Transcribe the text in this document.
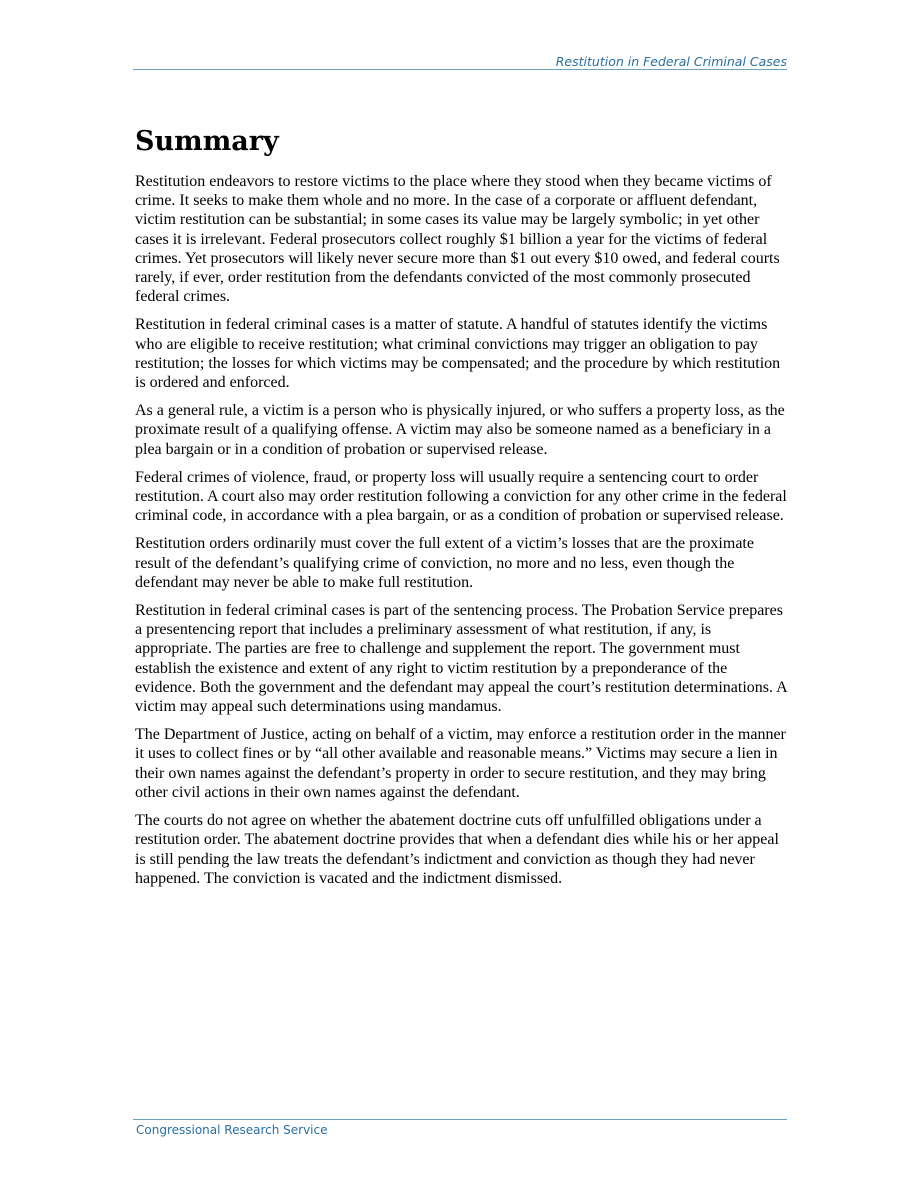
Restitution in Federal Criminal Cases
Summary

Restitution endeavors to restore victims to the place where they stood when they became victims of crime. It seeks to make them whole and no more. In the case of a corporate or affluent defendant, victim restitution can be substantial; in some cases its value may be largely symbolic; in yet other cases it is irrelevant. Federal prosecutors collect roughly $1 billion a year for the victims of federal crimes. Yet prosecutors will likely never secure more than $1 out every $10 owed, and federal courts rarely, if ever, order restitution from the defendants convicted of the most commonly prosecuted federal crimes.

Restitution in federal criminal cases is a matter of statute. A handful of statutes identify the victims who are eligible to receive restitution; what criminal convictions may trigger an obligation to pay restitution; the losses for which victims may be compensated; and the procedure by which restitution is ordered and enforced.

As a general rule, a victim is a person who is physically injured, or who suffers a property loss, as the proximate result of a qualifying offense. A victim may also be someone named as a beneficiary in a plea bargain or in a condition of probation or supervised release.

Federal crimes of violence, fraud, or property loss will usually require a sentencing court to order restitution. A court also may order restitution following a conviction for any other crime in the federal criminal code, in accordance with a plea bargain, or as a condition of probation or supervised release.

Restitution orders ordinarily must cover the full extent of a victim’s losses that are the proximate result of the defendant’s qualifying crime of conviction, no more and no less, even though the defendant may never be able to make full restitution.

Restitution in federal criminal cases is part of the sentencing process. The Probation Service prepares a presentencing report that includes a preliminary assessment of what restitution, if any, is appropriate. The parties are free to challenge and supplement the report. The government must establish the existence and extent of any right to victim restitution by a preponderance of the evidence. Both the government and the defendant may appeal the court’s restitution determinations. A victim may appeal such determinations using mandamus.

The Department of Justice, acting on behalf of a victim, may enforce a restitution order in the manner it uses to collect fines or by “all other available and reasonable means.” Victims may secure a lien in their own names against the defendant’s property in order to secure restitution, and they may bring other civil actions in their own names against the defendant.

The courts do not agree on whether the abatement doctrine cuts off unfulfilled obligations under a restitution order. The abatement doctrine provides that when a defendant dies while his or her appeal is still pending the law treats the defendant’s indictment and conviction as though they had never happened. The conviction is vacated and the indictment dismissed.

Congressional Research Service
